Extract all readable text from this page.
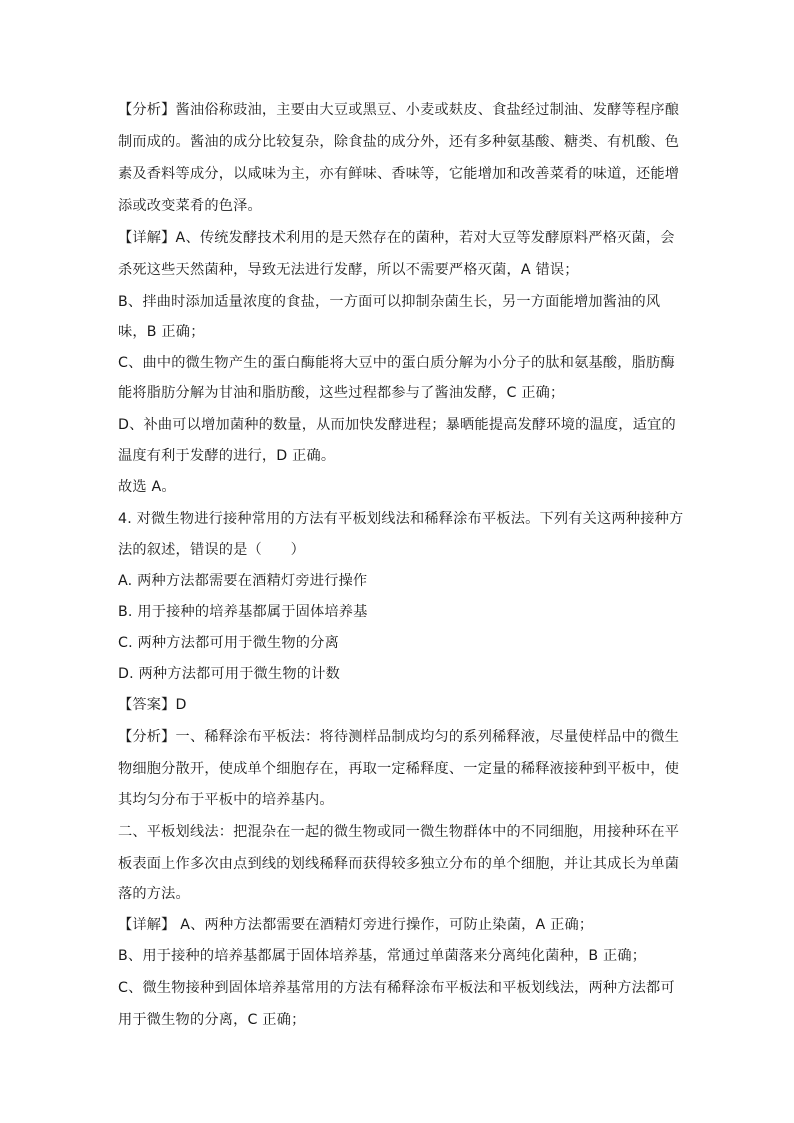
【分析】酱油俗称豉油，主要由大豆或黑豆、小麦或麸皮、食盐经过制油、发酵等程序酿
制而成的。酱油的成分比较复杂，除食盐的成分外，还有多种氨基酸、糖类、有机酸、色
素及香料等成分，以咸味为主，亦有鲜味、香味等，它能增加和改善菜肴的味道，还能增
添或改变菜肴的色泽。
【详解】A、传统发酵技术利用的是天然存在的菌种，若对大豆等发酵原料严格灭菌，会
杀死这些天然菌种，导致无法进行发酵，所以不需要严格灭菌，A 错误；
B、拌曲时添加适量浓度的食盐，一方面可以抑制杂菌生长，另一方面能增加酱油的风
味，B 正确；
C、曲中的微生物产生的蛋白酶能将大豆中的蛋白质分解为小分子的肽和氨基酸，脂肪酶
能将脂肪分解为甘油和脂肪酸，这些过程都参与了酱油发酵，C 正确；
D、补曲可以增加菌种的数量，从而加快发酵进程；暴晒能提高发酵环境的温度，适宜的
温度有利于发酵的进行，D 正确。
故选 A。
4. 对微生物进行接种常用的方法有平板划线法和稀释涂布平板法。下列有关这两种接种方
法的叙述，错误的是（　　）
A. 两种方法都需要在酒精灯旁进行操作
B. 用于接种的培养基都属于固体培养基
C. 两种方法都可用于微生物的分离
D. 两种方法都可用于微生物的计数
【答案】D
【分析】一、稀释涂布平板法：将待测样品制成均匀的系列稀释液，尽量使样品中的微生
物细胞分散开，使成单个细胞存在，再取一定稀释度、一定量的稀释液接种到平板中，使
其均匀分布于平板中的培养基内。
二、平板划线法：把混杂在一起的微生物或同一微生物群体中的不同细胞，用接种环在平
板表面上作多次由点到线的划线稀释而获得较多独立分布的单个细胞，并让其成长为单菌
落的方法。
【详解】 A、两种方法都需要在酒精灯旁进行操作，可防止染菌，A 正确；
B、用于接种的培养基都属于固体培养基，常通过单菌落来分离纯化菌种，B 正确；
C、微生物接种到固体培养基常用的方法有稀释涂布平板法和平板划线法，两种方法都可
用于微生物的分离，C 正确；
